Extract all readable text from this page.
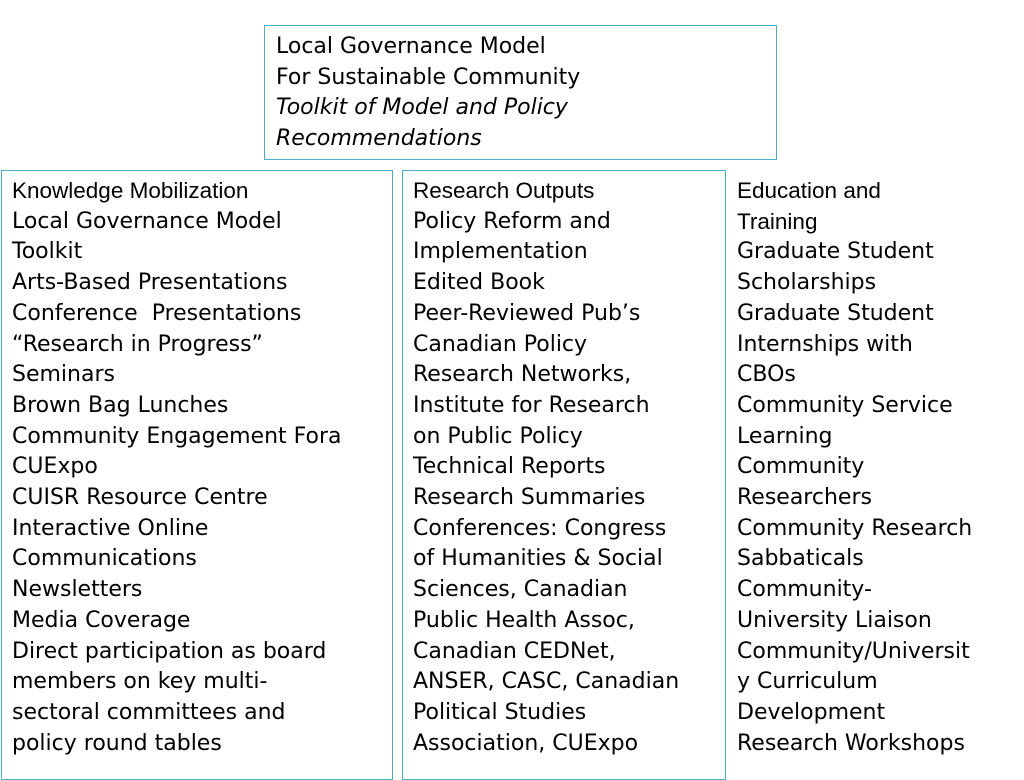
Local Governance Model
For Sustainable Community
Toolkit of Model and Policy
Recommendations
Knowledge Mobilization
Local Governance Model
Toolkit
Arts-Based Presentations
Conference  Presentations
“Research in Progress”
Seminars
Brown Bag Lunches
Community Engagement Fora
CUExpo
CUISR Resource Centre
Interactive Online
Communications
Newsletters
Media Coverage
Direct participation as board
members on key multi-
sectoral committees and
policy round tables
Research Outputs
Policy Reform and
Implementation
Edited Book
Peer-Reviewed Pub’s
Canadian Policy
Research Networks,
Institute for Research
on Public Policy
Technical Reports
Research Summaries
Conferences: Congress
of Humanities & Social
Sciences, Canadian
Public Health Assoc,
Canadian CEDNet,
ANSER, CASC, Canadian
Political Studies
Association, CUExpo
Education and
Training
Graduate Student
Scholarships
Graduate Student
Internships with
CBOs
Community Service
Learning
Community
Researchers
Community Research
Sabbaticals
Community-
University Liaison
Community/Universit
y Curriculum
Development
Research Workshops
